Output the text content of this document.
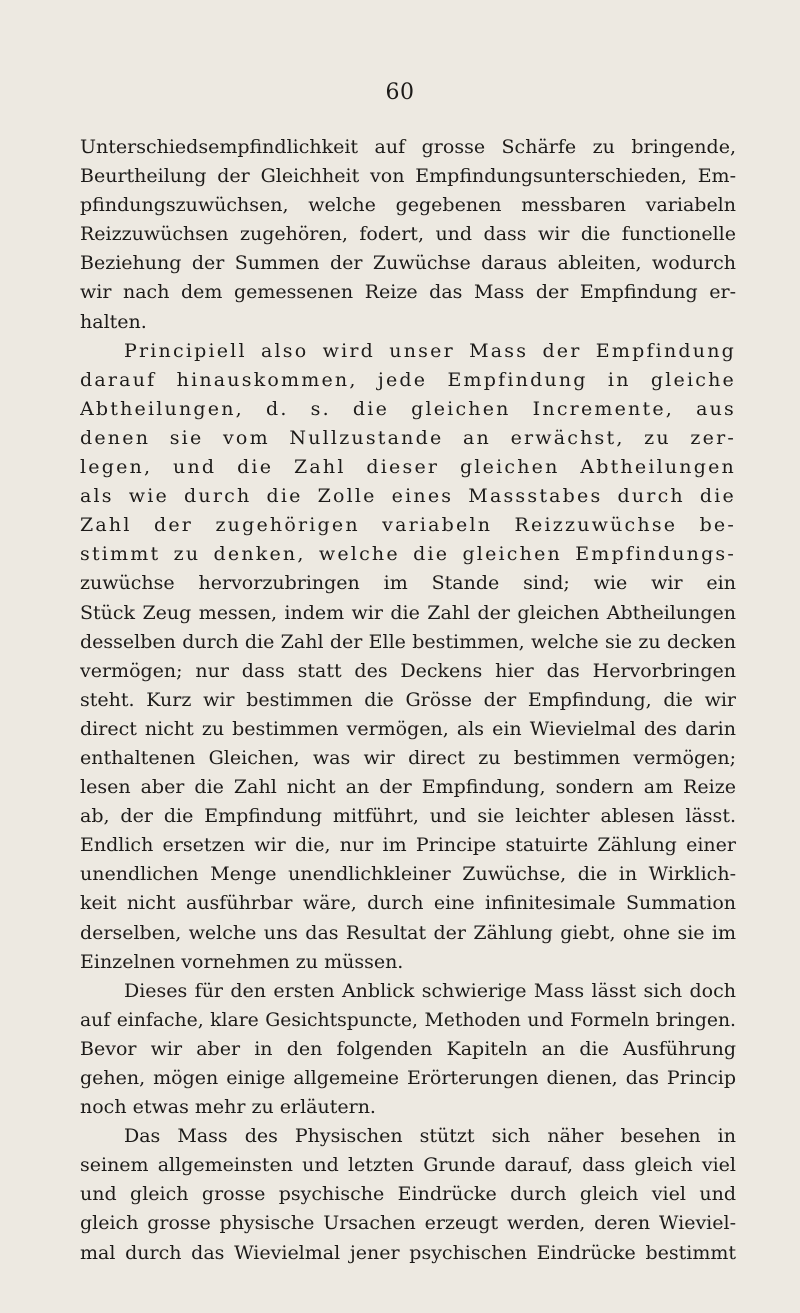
60
Unterschiedsempfindlichkeit auf grosse Schärfe zu bringende,
Beurtheilung der Gleichheit von Empfindungsunterschieden, Em-
pfindungszuwüchsen, welche gegebenen messbaren variabeln
Reizzuwüchsen zugehören, fodert, und dass wir die functionelle
Beziehung der Summen der Zuwüchse daraus ableiten, wodurch
wir nach dem gemessenen Reize das Mass der Empfindung er-
halten.
Principiell also wird unser Mass der Empfindung
darauf hinauskommen, jede Empfindung in gleiche
Abtheilungen, d. s. die gleichen Incremente, aus
denen sie vom Nullzustande an erwächst, zu zer-
legen, und die Zahl dieser gleichen Abtheilungen
als wie durch die Zolle eines Massstabes durch die
Zahl der zugehörigen variabeln Reizzuwüchse be-
stimmt zu denken, welche die gleichen Empfindungs-
zuwüchse hervorzubringen im Stande sind; wie wir ein
Stück Zeug messen, indem wir die Zahl der gleichen Abtheilungen
desselben durch die Zahl der Elle bestimmen, welche sie zu decken
vermögen; nur dass statt des Deckens hier das Hervorbringen
steht. Kurz wir bestimmen die Grösse der Empfindung, die wir
direct nicht zu bestimmen vermögen, als ein Wievielmal des darin
enthaltenen Gleichen, was wir direct zu bestimmen vermögen;
lesen aber die Zahl nicht an der Empfindung, sondern am Reize
ab, der die Empfindung mitführt, und sie leichter ablesen lässt.
Endlich ersetzen wir die, nur im Principe statuirte Zählung einer
unendlichen Menge unendlichkleiner Zuwüchse, die in Wirklich-
keit nicht ausführbar wäre, durch eine infinitesimale Summation
derselben, welche uns das Resultat der Zählung giebt, ohne sie im
Einzelnen vornehmen zu müssen.
Dieses für den ersten Anblick schwierige Mass lässt sich doch
auf einfache, klare Gesichtspuncte, Methoden und Formeln bringen.
Bevor wir aber in den folgenden Kapiteln an die Ausführung
gehen, mögen einige allgemeine Erörterungen dienen, das Princip
noch etwas mehr zu erläutern.
Das Mass des Physischen stützt sich näher besehen in
seinem allgemeinsten und letzten Grunde darauf, dass gleich viel
und gleich grosse psychische Eindrücke durch gleich viel und
gleich grosse physische Ursachen erzeugt werden, deren Wieviel-
mal durch das Wievielmal jener psychischen Eindrücke bestimmt
